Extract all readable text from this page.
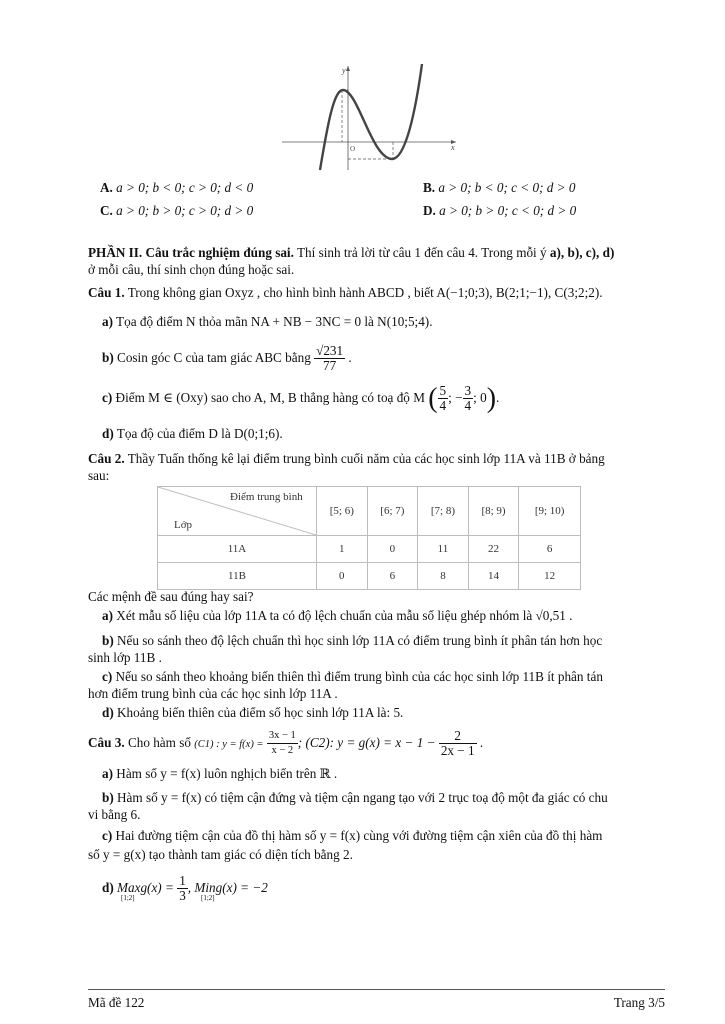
x
y
O
A. a > 0; b < 0; c > 0; d < 0	B. a > 0; b < 0; c < 0; d > 0
C. a > 0; b > 0; c > 0; d > 0	D. a > 0; b > 0; c < 0; d > 0
PHẦN II. Câu trắc nghiệm đúng sai. Thí sinh trả lời từ câu 1 đến câu 4. Trong mỗi ý a), b), c), d)
ở mỗi câu, thí sinh chọn đúng hoặc sai.
Câu 1. Trong không gian Oxyz , cho hình bình hành ABCD , biết A(−1;0;3), B(2;1;−1), C(3;2;2).
a) Tọa độ điểm N thỏa mãn NA + NB − 3NC = 0 là N(10;5;4).
b) Cosin góc C của tam giác ABC bằng $\frac{√231}{77}$ .
c) Điểm M ∈ (Oxy) sao cho A, M, B thẳng hàng có toạ độ M ( $\frac{5}{4}$ ; − $\frac{3}{4}$ ; 0).
d) Tọa độ của điểm D là D(0;1;6).
Câu 2. Thầy Tuấn thống kê lại điểm trung bình cuối năm của các học sinh lớp 11A và 11B ở bảng
sau:
Điểm trung bình
Lớp	[5; 6)	[6; 7)	[7; 8)	[8; 9)	[9; 10)
11A	1	0	11	22	6
11B	0	6	8	14	12
Các mệnh đề sau đúng hay sai?
a) Xét mẫu số liệu của lớp 11A ta có độ lệch chuẩn của mẫu số liệu ghép nhóm là √0,51 .
b) Nếu so sánh theo độ lệch chuẩn thì học sinh lớp 11A có điểm trung bình ít phân tán hơn học
sinh lớp 11B .
c) Nếu so sánh theo khoảng biến thiên thì điểm trung bình của các học sinh lớp 11B ít phân tán
hơn điểm trung bình của các học sinh lớp 11A .
d) Khoảng biến thiên của điểm số học sinh lớp 11A là: 5.
Câu 3. Cho hàm số (C1) : $y = f(x) = \frac{3x - 1}{x - 2}$ ; (C2): $y = g(x) = x - 1 - \frac{2}{2x - 1}$ .
a) Hàm số y = f(x) luôn nghịch biến trên ℝ .
b) Hàm số y = f(x) có tiệm cận đứng và tiệm cận ngang tạo với 2 trục toạ độ một đa giác có chu
vi bằng 6.
c) Hai đường tiệm cận của đồ thị hàm số y = f(x) cùng với đường tiệm cận xiên của đồ thị hàm
số y = g(x) tạo thành tam giác có diện tích bằng 2.
d) Maxg(x) = $\frac{1}{3}$ , Ming(x) = −2
[1;2]	[1;2]
Mã đề 122	Trang 3/5
